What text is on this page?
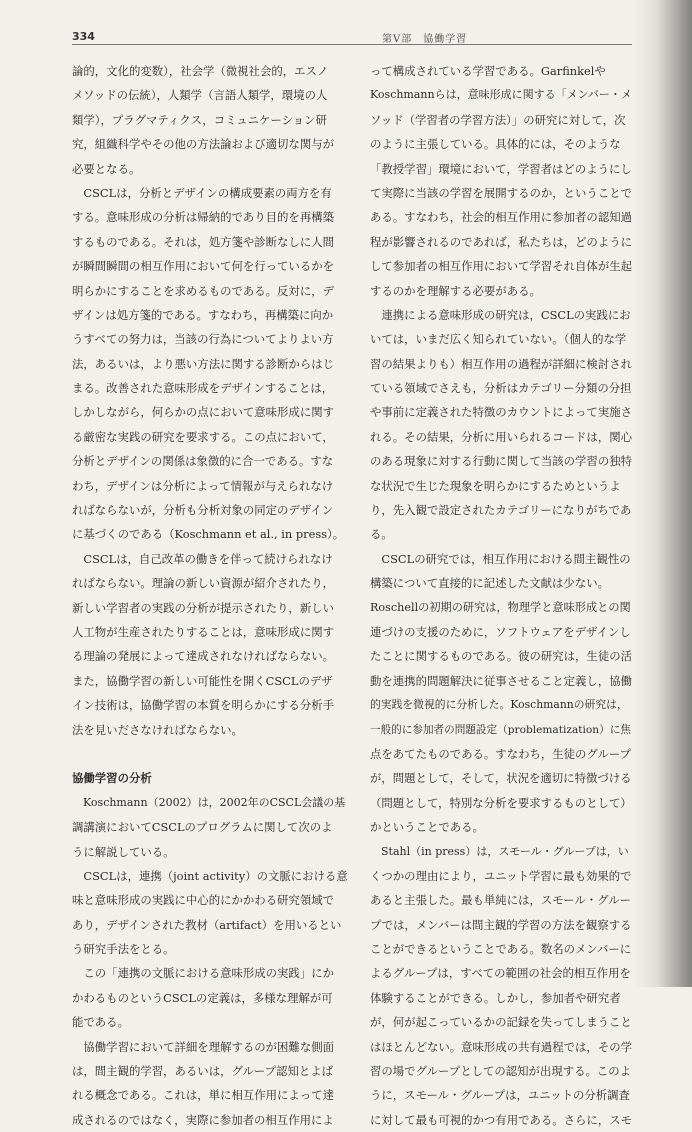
334	第Ⅴ部　協働学習
論的，文化的変数），社会学（微視社会的，エスノ
メソッドの伝統），人類学（言語人類学，環境の人
類学），プラグマティクス，コミュニケーション研
究，組織科学やその他の方法論および適切な関与が
必要となる。
　CSCLは，分析とデザインの構成要素の両方を有
する。意味形成の分析は帰納的であり目的を再構築
するものである。それは，処方箋や診断なしに人間
が瞬間瞬間の相互作用において何を行っているかを
明らかにすることを求めるものである。反対に，デ
ザインは処方箋的である。すなわち，再構築に向か
うすべての努力は，当該の行為についてよりよい方
法，あるいは，より悪い方法に関する診断からはじ
まる。改善された意味形成をデザインすることは，
しかしながら，何らかの点において意味形成に関す
る厳密な実践の研究を要求する。この点において，
分析とデザインの関係は象徴的に合一である。すな
わち，デザインは分析によって情報が与えられなけ
ればならないが，分析も分析対象の同定のデザイン
に基づくのである（Koschmann et al., in press）。
　CSCLは，自己改革の働きを伴って続けられなけ
ればならない。理論の新しい資源が紹介されたり，
新しい学習者の実践の分析が提示されたり，新しい
人工物が生産されたりすることは，意味形成に関す
る理論の発展によって達成されなければならない。
また，協働学習の新しい可能性を開くCSCLのデザ
イン技術は，協働学習の本質を明らかにする分析手
法を見いださなければならない。
協働学習の分析
　Koschmann（2002）は，2002年のCSCL会議の基
調講演においてCSCLのプログラムに関して次のよ
うに解説している。
　CSCLは，連携（joint activity）の文脈における意
味と意味形成の実践に中心的にかかわる研究領域で
あり，デザインされた教材（artifact）を用いるとい
う研究手法をとる。
　この「連携の文脈における意味形成の実践」にか
かわるものというCSCLの定義は，多様な理解が可
能である。
　協働学習において詳細を理解するのが困難な側面
は，間主観的学習，あるいは，グループ認知とよば
れる概念である。これは，単に相互作用によって達
成されるのではなく，実際に参加者の相互作用によ
って構成されている学習である。Garfinkelや
Koschmannらは，意味形成に関する「メンバー・メ
ソッド（学習者の学習方法）」の研究に対して，次
のように主張している。具体的には，そのような
「教授学習」環境において，学習者はどのようにし
て実際に当該の学習を展開するのか，ということで
ある。すなわち，社会的相互作用に参加者の認知過
程が影響されるのであれば，私たちは，どのように
して参加者の相互作用において学習それ自体が生起
するのかを理解する必要がある。
　連携による意味形成の研究は，CSCLの実践にお
いては，いまだ広く知られていない。（個人的な学
習の結果よりも）相互作用の過程が詳細に検討され
ている領域でさえも，分析はカテゴリー分類の分担
や事前に定義された特徴のカウントによって実施さ
れる。その結果，分析に用いられるコードは，関心
のある現象に対する行動に関して当該の学習の独特
な状況で生じた現象を明らかにするためというよ
り，先入観で設定されたカテゴリーになりがちであ
る。
　CSCLの研究では，相互作用における間主観性の
構築について直接的に記述した文献は少ない。
Roschellの初期の研究は，物理学と意味形成との関
連づけの支援のために，ソフトウェアをデザインし
たことに関するものである。彼の研究は，生徒の活
動を連携的問題解決に従事させること定義し，協働
的実践を微視的に分析した。Koschmannの研究は，
一般的に参加者の問題設定（problematization）に焦
点をあてたものである。すなわち，生徒のグループ
が，問題として，そして，状況を適切に特徴づける
（問題として，特別な分析を要求するものとして）
かということである。
　Stahl（in press）は，スモール・グループは，い
くつかの理由により，ユニット学習に最も効果的で
あると主張した。最も単純には，スモール・グルー
プでは，メンバーは間主観的学習の方法を観察する
ことができるということである。数名のメンバーに
よるグループは，すべての範囲の社会的相互作用を
体験することができる。しかし，参加者や研究者
が，何が起こっているかの記録を失ってしまうこと
はほとんどない。意味形成の共有過程では，その学
習の場でグループとしての認知が出現する。このよ
うに，スモール・グループは，ユニットの分析調査
に対して最も可視的かつ有用である。さらに，スモ
